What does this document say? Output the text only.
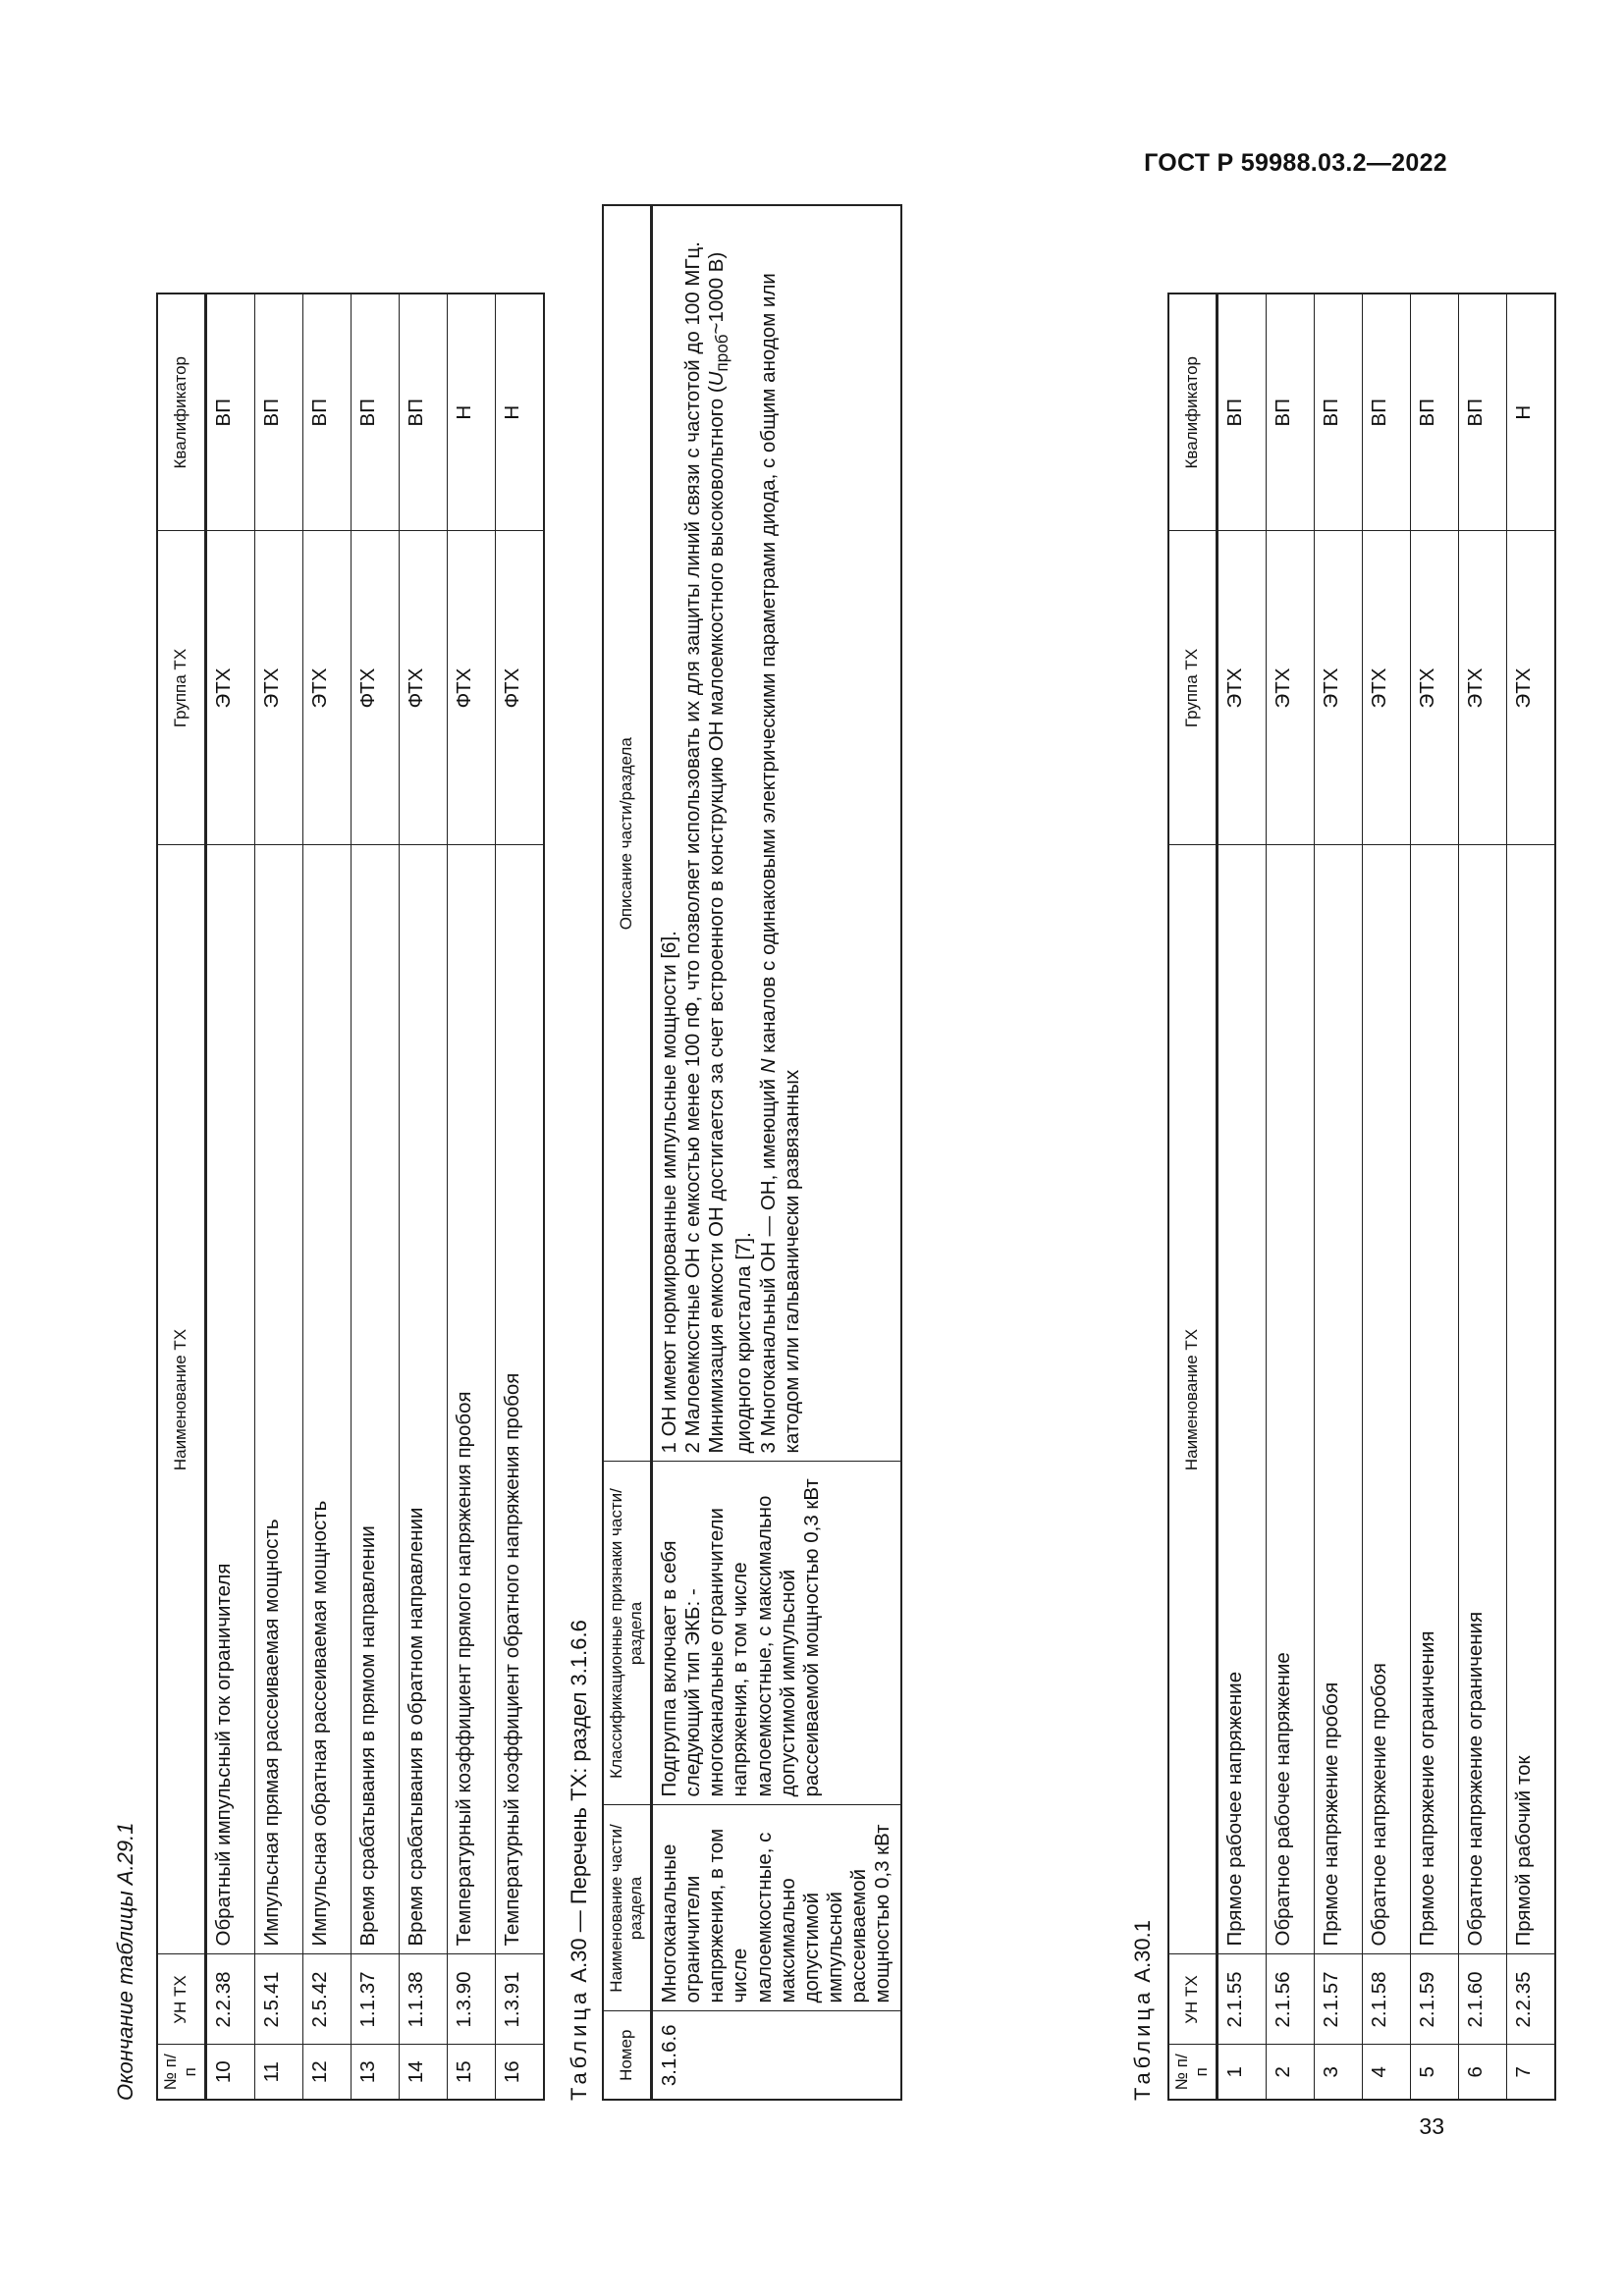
ГОСТ Р 59988.03.2—2022
Окончание таблицы А.29.1 № п/п	УН ТХ	Наименование ТХ	Группа ТХ	Квалификатор
10	2.2.38	Обратный импульсный ток ограничителя	ЭТХ	ВП
11	2.5.41	Импульсная прямая рассеиваемая мощность	ЭТХ	ВП
12	2.5.42	Импульсная обратная рассеиваемая мощность	ЭТХ	ВП
13	1.1.37	Время срабатывания в прямом направлении	ФТХ	ВП
14	1.1.38	Время срабатывания в обратном направлении	ФТХ	ВП
15	1.3.90	Температурный коэффициент прямого напряжения пробоя	ФТХ	Н
16	1.3.91	Температурный коэффициент обратного напряжения пробоя	ФТХ	Н
Таблица А.30 — Перечень ТХ: раздел 3.1.6.6
Номер	Наименование части/ раздела	Классификационные признаки части/ раздела	Описание части/раздела
3.1.6.6	Многоканальные ограничители напряжения, в том числе малоемкостные, с максимально допустимой импульсной рассеиваемой мощностью 0,3 кВт	Подгруппа включает в себя следующий тип ЭКБ: - многоканальные ограничители напряжения, в том числе малоемкостные, с максимально допустимой импульсной рассеиваемой мощностью 0,3 кВт	1 ОН имеют нормированные импульсные мощности [6]. 2 Малоемкостные ОН с емкостью менее 100 пФ, что позволяет использовать их для защиты линий связи с частотой до 100 МГц. Минимизация емкости ОН достигается за счет встроенного в конструкцию ОН малоемкостного высоковольтного ($U_{проб}\sim 1000$ В) диодного кристалла [7]. 3 Многоканальный ОН — ОН, имеющий N каналов с одинаковыми электрическими параметрами диода, с общим анодом или катодом или гальванически развязанных
Таблица А.30.1
№ п/п	УН ТХ	Наименование ТХ	Группа ТХ	Квалификатор
1	2.1.55	Прямое рабочее напряжение	ЭТХ	ВП
2	2.1.56	Обратное рабочее напряжение	ЭТХ	ВП
3	2.1.57	Прямое напряжение пробоя	ЭТХ	ВП
4	2.1.58	Обратное напряжение пробоя	ЭТХ	ВП
5	2.1.59	Прямое напряжение ограничения	ЭТХ	ВП
6	2.1.60	Обратное напряжение ограничения	ЭТХ	ВП
7	2.2.35	Прямой рабочий ток	ЭТХ	Н
33
